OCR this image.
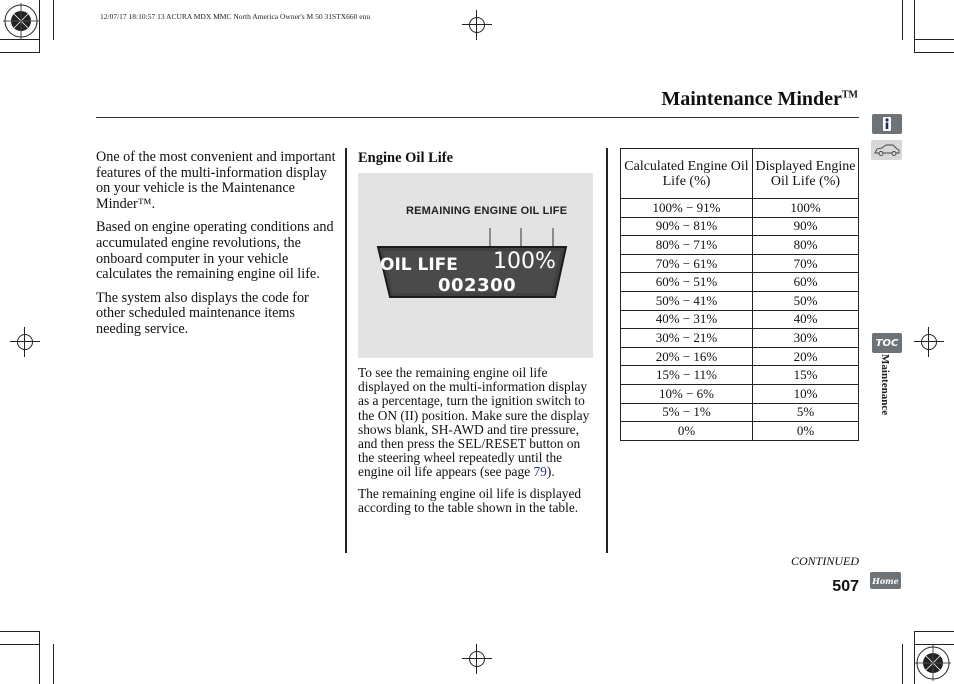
12/07/17 18:10:57 13 ACURA MDX MMC North America Owner's M 50 31STX660 enu
Maintenance Minder™

One of the most convenient and important features of the multi-information display on your vehicle is the Maintenance Minder™.

Based on engine operating conditions and accumulated engine revolutions, the onboard computer in your vehicle calculates the remaining engine oil life.

The system also displays the code for other scheduled maintenance items needing service.

Engine Oil Life
REMAINING ENGINE OIL LIFE
OIL LIFE 100%
002300

To see the remaining engine oil life displayed on the multi-information display as a percentage, turn the ignition switch to the ON (II) position. Make sure the display shows blank, SH-AWD and tire pressure, and then press the SEL/RESET button on the steering wheel repeatedly until the engine oil life appears (see page 79).

The remaining engine oil life is displayed according to the table shown in the table.

Calculated Engine Oil Life (%)	Displayed Engine Oil Life (%)
100% − 91%	100%
90% − 81%	90%
80% − 71%	80%
70% − 61%	70%
60% − 51%	60%
50% − 41%	50%
40% − 31%	40%
30% − 21%	30%
20% − 16%	20%
15% − 11%	15%
10% − 6%	10%
5% − 1%	5%
0%	0%
TOC
Maintenance
Home
CONTINUED
507
